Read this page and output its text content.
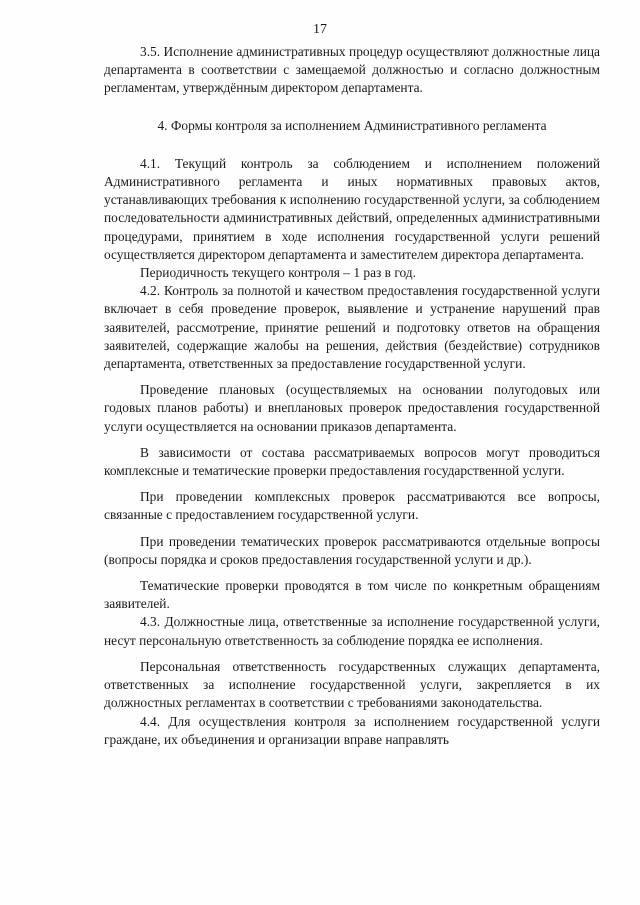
17

3.5. Исполнение административных процедур осуществляют должностные лица департамента в соответствии с замещаемой должностью и согласно должностным регламентам, утверждённым директором департамента.

4. Формы контроля за исполнением Административного регламента

4.1. Текущий контроль за соблюдением и исполнением положений Административного регламента и иных нормативных правовых актов, устанавливающих требования к исполнению государственной услуги, за соблюдением последовательности административных действий, определенных административными процедурами, принятием в ходе исполнения государственной услуги решений осуществляется директором департамента и заместителем директора департамента.

Периодичность текущего контроля – 1 раз в год.

4.2. Контроль за полнотой и качеством предоставления государственной услуги включает в себя проведение проверок, выявление и устранение нарушений прав заявителей, рассмотрение, принятие решений и подготовку ответов на обращения заявителей, содержащие жалобы на решения, действия (бездействие) сотрудников департамента, ответственных за предоставление государственной услуги.

Проведение плановых (осуществляемых на основании полугодовых или годовых планов работы) и внеплановых проверок предоставления государственной услуги осуществляется на основании приказов департамента.

В зависимости от состава рассматриваемых вопросов могут проводиться комплексные и тематические проверки предоставления государственной услуги.

При проведении комплексных проверок рассматриваются все вопросы, связанные с предоставлением государственной услуги.

При проведении тематических проверок рассматриваются отдельные вопросы (вопросы порядка и сроков предоставления государственной услуги и др.).

Тематические проверки проводятся в том числе по конкретным обращениям заявителей.

4.3. Должностные лица, ответственные за исполнение государственной услуги, несут персональную ответственность за соблюдение порядка ее исполнения.

Персональная ответственность государственных служащих департамента, ответственных за исполнение государственной услуги, закрепляется в их должностных регламентах в соответствии с требованиями законодательства.

4.4. Для осуществления контроля за исполнением государственной услуги граждане, их объединения и организации вправе направлять
